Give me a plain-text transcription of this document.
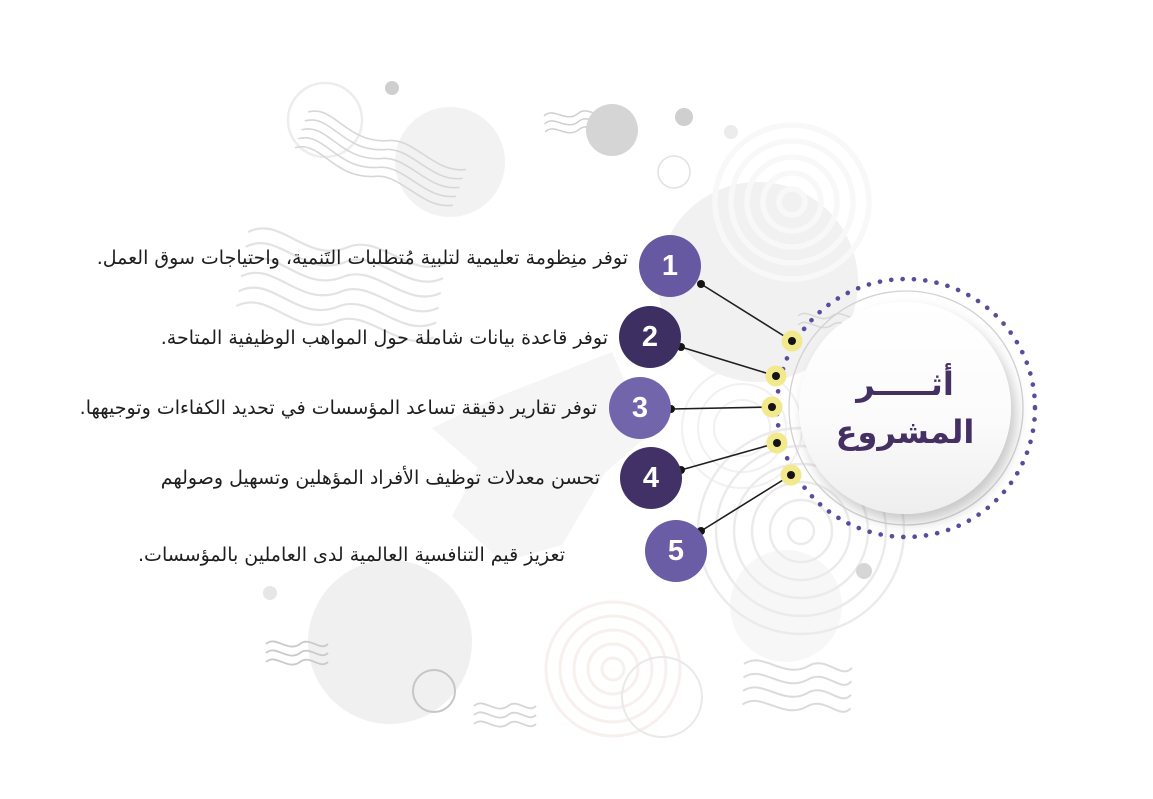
أثـــــر
المشروع
1
2
3
4
5
توفر منِظومة تعليمية لتلبية مُتطلبات التَنمية، واحتياجات سوق العمل.
توفر قاعدة بيانات شاملة حول المواهب الوظيفية المتاحة.
توفر تقارير دقيقة تساعد المؤسسات في تحديد الكفاءات وتوجيهها.
تحسن معدلات توظيف الأفراد المؤهلين وتسهيل وصولهم
تعزيز قيم التنافسية العالمية لدى العاملين بالمؤسسات.
